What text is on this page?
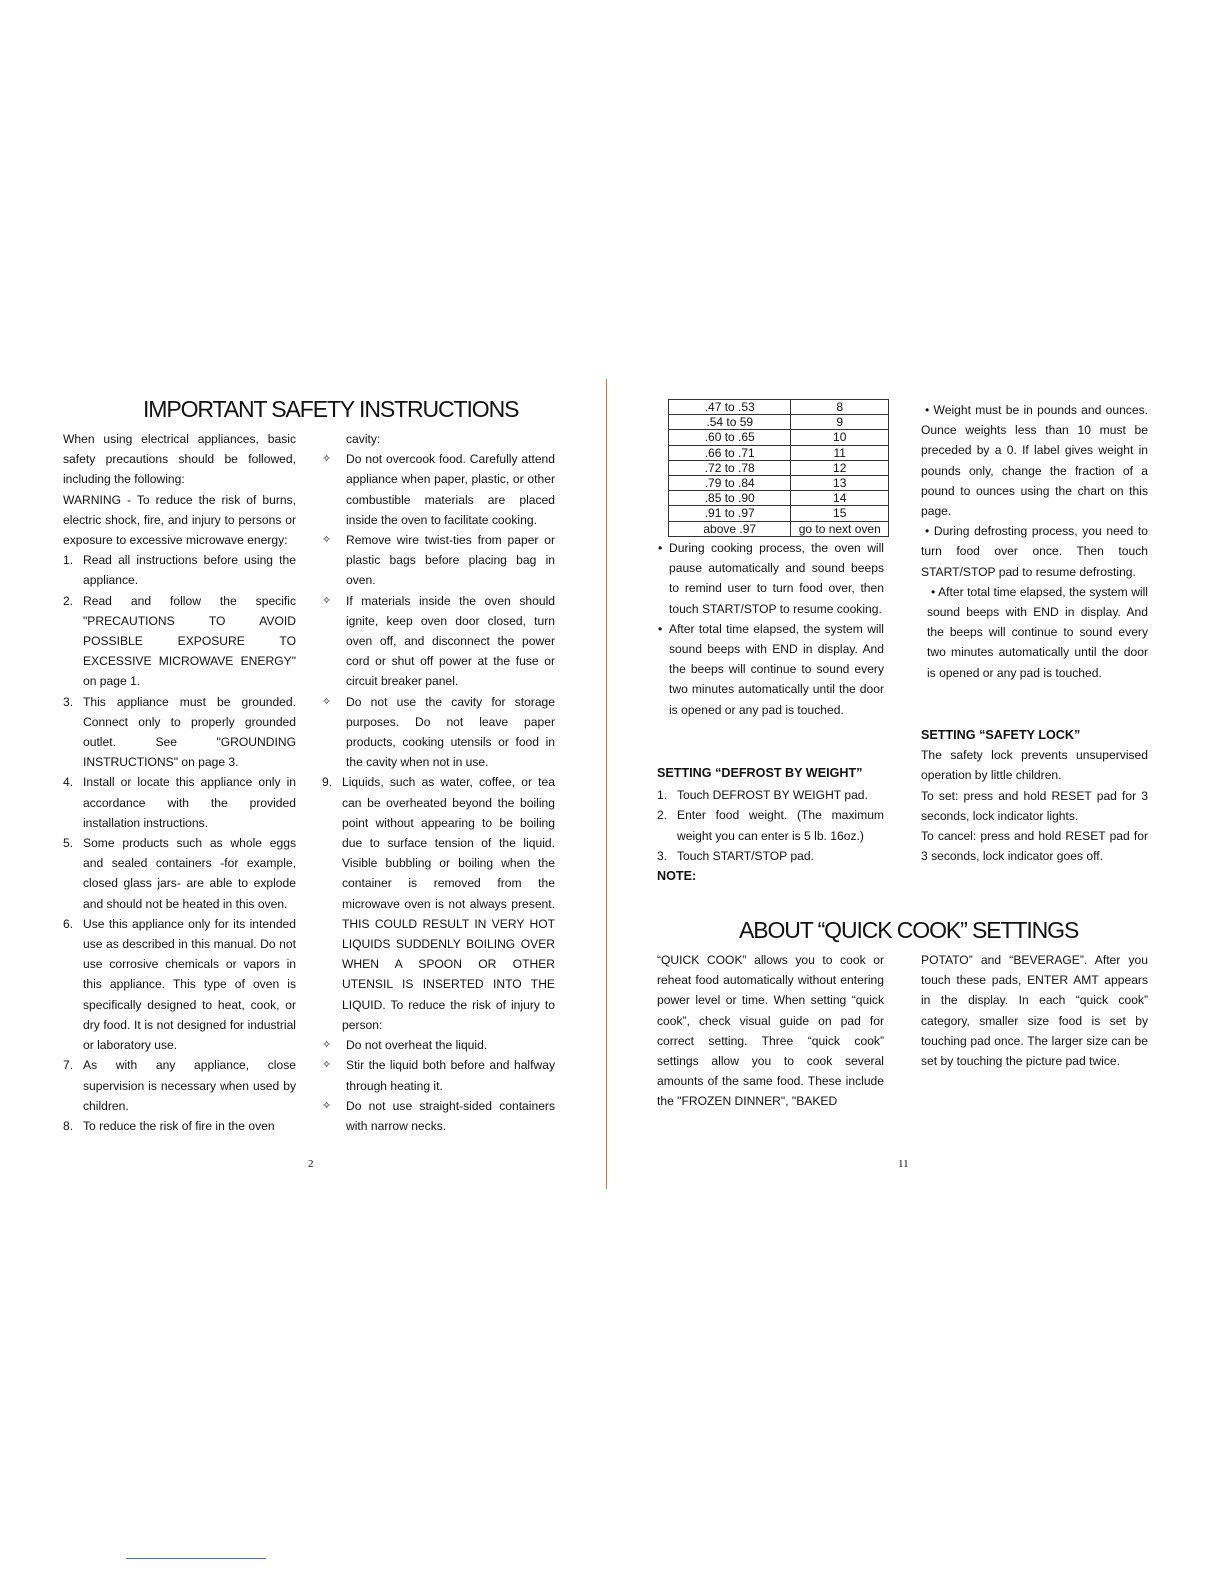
IMPORTANT SAFETY INSTRUCTIONS
When using electrical appliances, basic safety precautions should be followed, including the following:
WARNING - To reduce the risk of burns, electric shock, fire, and injury to persons or exposure to excessive microwave energy:
1. Read all instructions before using the appliance.
2. Read and follow the specific "PRECAUTIONS TO AVOID POSSIBLE EXPOSURE TO EXCESSIVE MICROWAVE ENERGY" on page 1.
3. This appliance must be grounded. Connect only to properly grounded outlet. See "GROUNDING INSTRUCTIONS" on page 3.
4. Install or locate this appliance only in accordance with the provided installation instructions.
5. Some products such as whole eggs and sealed containers -for example, closed glass jars- are able to explode and should not be heated in this oven.
6. Use this appliance only for its intended use as described in this manual. Do not use corrosive chemicals or vapors in this appliance. This type of oven is specifically designed to heat, cook, or dry food. It is not designed for industrial or laboratory use.
7. As with any appliance, close supervision is necessary when used by children.
8. To reduce the risk of fire in the oven
cavity:
✧ Do not overcook food. Carefully attend appliance when paper, plastic, or other combustible materials are placed inside the oven to facilitate cooking.
✧ Remove wire twist-ties from paper or plastic bags before placing bag in oven.
✧ If materials inside the oven should ignite, keep oven door closed, turn oven off, and disconnect the power cord or shut off power at the fuse or circuit breaker panel.
✧ Do not use the cavity for storage purposes. Do not leave paper products, cooking utensils or food in the cavity when not in use.
9. Liquids, such as water, coffee, or tea can be overheated beyond the boiling point without appearing to be boiling due to surface tension of the liquid. Visible bubbling or boiling when the container is removed from the microwave oven is not always present. THIS COULD RESULT IN VERY HOT LIQUIDS SUDDENLY BOILING OVER WHEN A SPOON OR OTHER UTENSIL IS INSERTED INTO THE LIQUID. To reduce the risk of injury to person:
✧ Do not overheat the liquid.
✧ Stir the liquid both before and halfway through heating it.
✧ Do not use straight-sided containers with narrow necks.
2
.47 to .53	8
.54 to 59	9
.60 to .65	10
.66 to .71	11
.72 to .78	12
.79 to .84	13
.85 to .90	14
.91 to .97	15
above .97	go to next oven
• During cooking process, the oven will pause automatically and sound beeps to remind user to turn food over, then touch START/STOP to resume cooking.
• After total time elapsed, the system will sound beeps with END in display. And the beeps will continue to sound every two minutes automatically until the door is opened or any pad is touched.

SETTING “DEFROST BY WEIGHT”

1. Touch DEFROST BY WEIGHT pad.
2. Enter food weight. (The maximum weight you can enter is 5 lb. 16oz.)
3. Touch START/STOP pad.

NOTE:

• Weight must be in pounds and ounces. Ounce weights less than 10 must be preceded by a 0. If label gives weight in pounds only, change the fraction of a pound to ounces using the chart on this page.
• During defrosting process, you need to turn food over once. Then touch START/STOP pad to resume defrosting.
• After total time elapsed, the system will sound beeps with END in display. And the beeps will continue to sound every two minutes automatically until the door is opened or any pad is touched.

SETTING “SAFETY LOCK”

The safety lock prevents unsupervised operation by little children.
To set: press and hold RESET pad for 3 seconds, lock indicator lights.
To cancel: press and hold RESET pad for 3 seconds, lock indicator goes off.
ABOUT “QUICK COOK” SETTINGS
“QUICK COOK” allows you to cook or reheat food automatically without entering power level or time. When setting “quick cook”, check visual guide on pad for correct setting. Three “quick cook” settings allow you to cook several amounts of the same food. These include the "FROZEN DINNER", "BAKED
POTATO” and “BEVERAGE”. After you touch these pads, ENTER AMT appears in the display. In each “quick cook” category, smaller size food is set by touching pad once. The larger size can be set by touching the picture pad twice.
11
